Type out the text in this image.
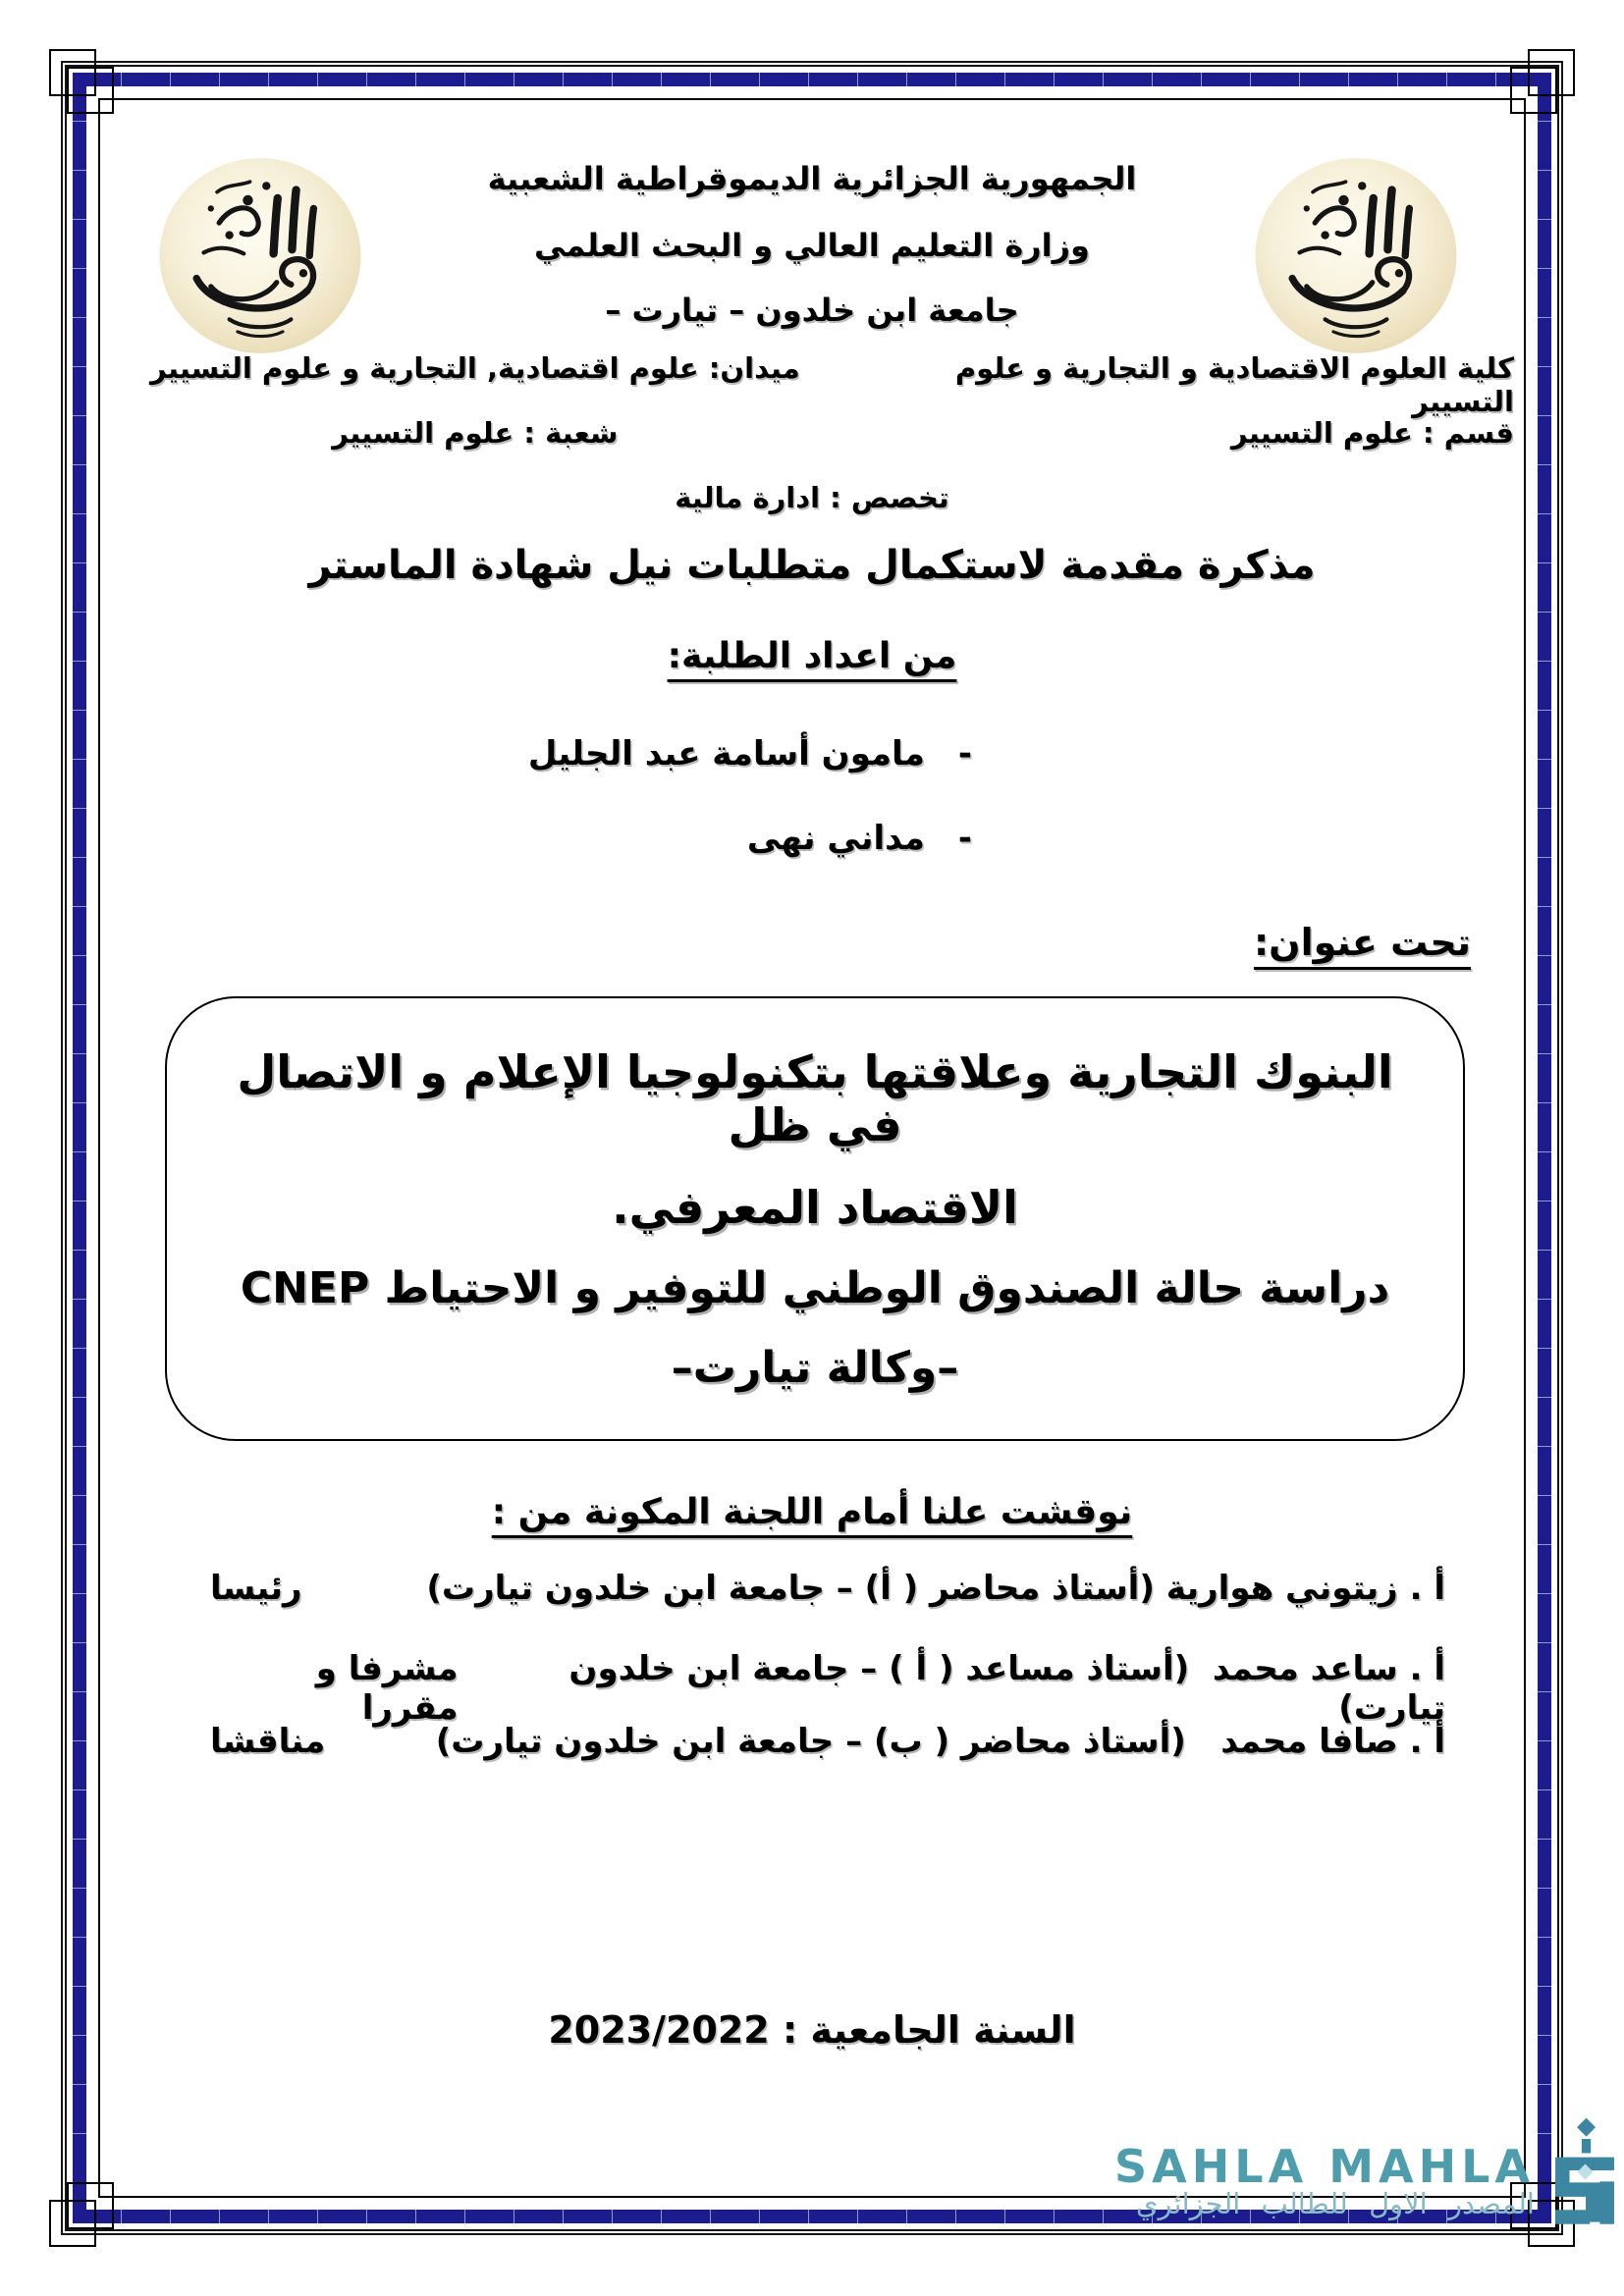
الجمهورية الجزائرية الديموقراطية الشعبية
وزارة التعليم العالي و البحث العلمي
جامعة ابن خلدون – تيارت –
كلية العلوم الاقتصادية و التجارية و علوم التسيير
ميدان: علوم اقتصادية, التجارية و علوم التسيير
قسم : علوم التسيير
شعبة : علوم التسيير
تخصص : ادارة مالية
مذكرة مقدمة لاستكمال متطلبات نيل شهادة الماستر
من اعداد الطلبة:
-
مامون أسامة عبد الجليل
-
مداني نهى
تحت عنوان:
البنوك التجارية وعلاقتها بتكنولوجيا الإعلام و الاتصال في ظل
الاقتصاد المعرفي.
دراسة حالة الصندوق الوطني للتوفير و الاحتياط CNEP
–وكالة تيارت–
نوقشت علنا أمام اللجنة المكونة من :
أ . زيتوني هوارية (أستاذ محاضر ( أ) – جامعة ابن خلدون تيارت)
رئيسا
أ . ساعد محمد  (أستاذ مساعد ( أ ) – جامعة ابن خلدون تيارت)
مشرفا و مقررا
أ . صافا محمد   (أستاذ محاضر ( ب) – جامعة ابن خلدون تيارت)
مناقشا
السنة الجامعية : 2023/2022
SAHLA MAHLA
المصدر الاول للطالب الجزائري
